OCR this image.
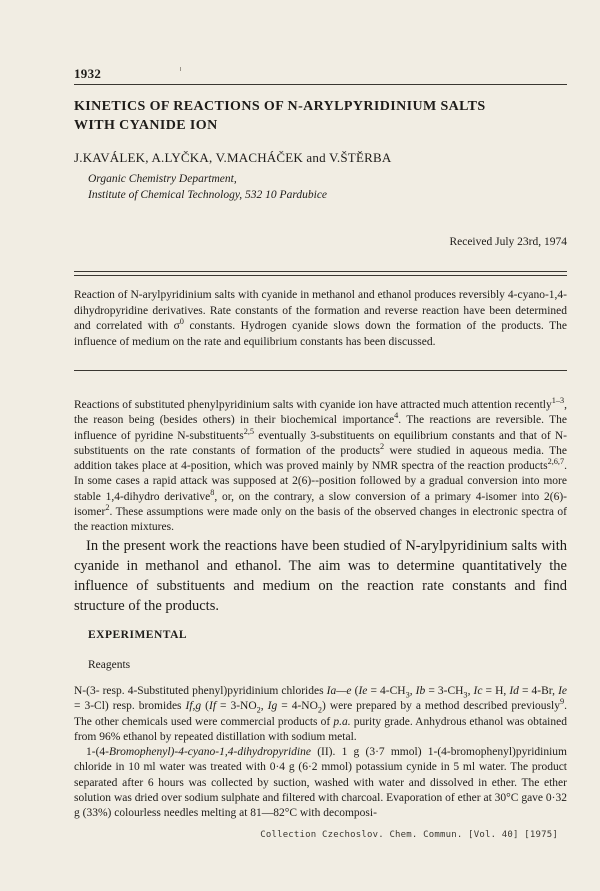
1932
KINETICS OF REACTIONS OF N-ARYLPYRIDINIUM SALTS
WITH CYANIDE ION
J.KAVÁLEK, A.LYČKA, V.MACHÁČEK and V.ŠTĚRBA
Organic Chemistry Department,
Institute of Chemical Technology, 532 10 Pardubice
Received July 23rd, 1974
Reaction of N-arylpyridinium salts with cyanide in methanol and ethanol produces reversibly 4-cyano-1,4-dihydropyridine derivatives. Rate constants of the formation and reverse reaction have been determined and correlated with $\sigma^0$ constants. Hydrogen cyanide slows down the formation of the products. The influence of medium on the rate and equilibrium constants has been discussed.
Reactions of substituted phenylpyridinium salts with cyanide ion have attracted much attention recently$^{1-3}$, the reason being (besides others) in their biochemical importance$^4$. The reactions are reversible. The influence of pyridine N-substituents$^{2,5}$ eventually 3-substituents on equilibrium constants and that of N-substituents on the rate constants of formation of the products$^2$ were studied in aqueous media. The addition takes place at 4-position, which was proved mainly by NMR spectra of the reaction products$^{2,6,7}$. In some cases a rapid attack was supposed at 2(6)--position followed by a gradual conversion into more stable 1,4-dihydro derivative$^8$, or, on the contrary, a slow conversion of a primary 4-isomer into 2(6)-isomer$^2$. These assumptions were made only on the basis of the observed changes in electronic spectra of the reaction mixtures.
In the present work the reactions have been studied of N-arylpyridinium salts with cyanide in methanol and ethanol. The aim was to determine quantitatively the influence of substituents and medium on the reaction rate constants and find structure of the products.
EXPERIMENTAL
Reagents

N-(3- resp. 4-Substituted phenyl)pyridinium chlorides Ia—e ($Ie = 4-CH_3$, $Ib = 3-CH_3$, Ic = H, Id = 4-Br, Ie = 3-Cl) resp. bromides If,g ($If = 3-NO_2$, $Ig = 4-NO_2$) were prepared by a method described previously$^9$. The other chemicals used were commercial products of p.a. purity grade. Anhydrous ethanol was obtained from 96% ethanol by repeated distillation with sodium metal.

1-(4-Bromophenyl)-4-cyano-1,4-dihydropyridine (II). 1 g (3·7 mmol) 1-(4-bromophenyl)pyridinium chloride in 10 ml water was treated with 0·4 g (6·2 mmol) potassium cynide in 5 ml water. The product separated after 6 hours was collected by suction, washed with water and dissolved in ether. The ether solution was dried over sodium sulphate and filtered with charcoal. Evaporation of ether at 30°C gave 0·32 g (33%) colourless needles melting at 81—82°C with decomposi-

Collection Czechoslov. Chem. Commun. [Vol. 40] [1975]
